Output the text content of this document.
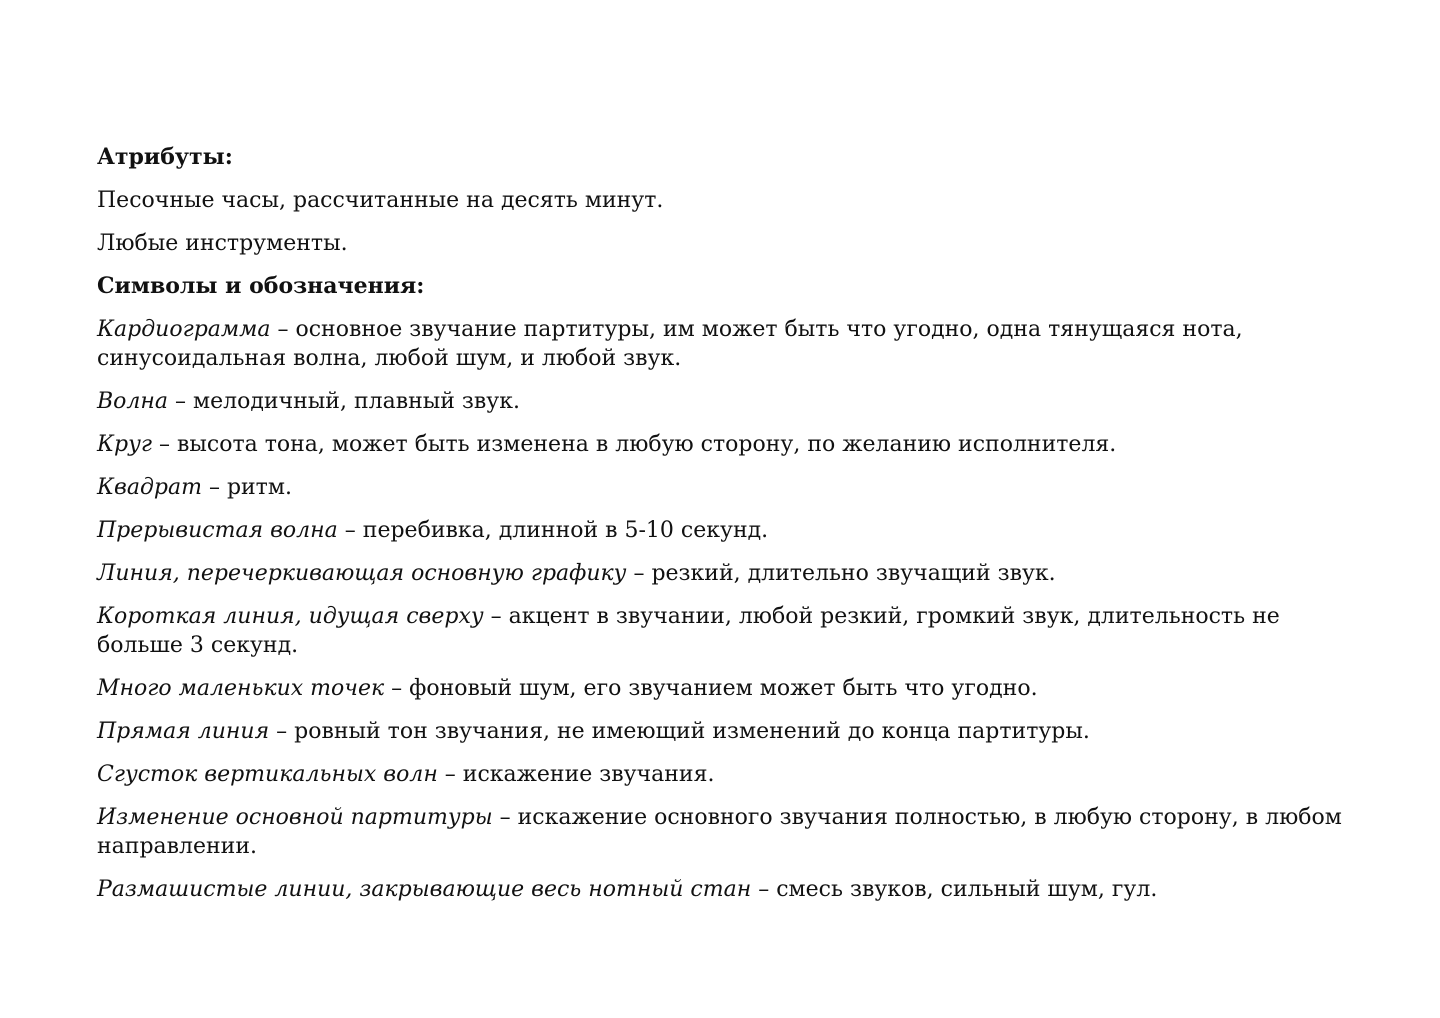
Атрибуты:

Песочные часы, рассчитанные на десять минут.

Любые инструменты.

Символы и обозначения:

Кардиограмма – основное звучание партитуры, им может быть что угодно, одна тянущаяся нота, синусоидальная волна, любой шум, и любой звук.

Волна – мелодичный, плавный звук.

Круг – высота тона, может быть изменена в любую сторону, по желанию исполнителя.

Квадрат – ритм.

Прерывистая волна – перебивка, длинной в 5-10 секунд.

Линия, перечеркивающая основную графику – резкий, длительно звучащий звук.

Короткая линия, идущая сверху – акцент в звучании, любой резкий, громкий звук, длительность не больше 3 секунд.

Много маленьких точек – фоновый шум, его звучанием может быть что угодно.

Прямая линия – ровный тон звучания, не имеющий изменений до конца партитуры.

Сгусток вертикальных волн – искажение звучания.

Изменение основной партитуры – искажение основного звучания полностью, в любую сторону, в любом направлении.

Размашистые линии, закрывающие весь нотный стан – смесь звуков, сильный шум, гул.
